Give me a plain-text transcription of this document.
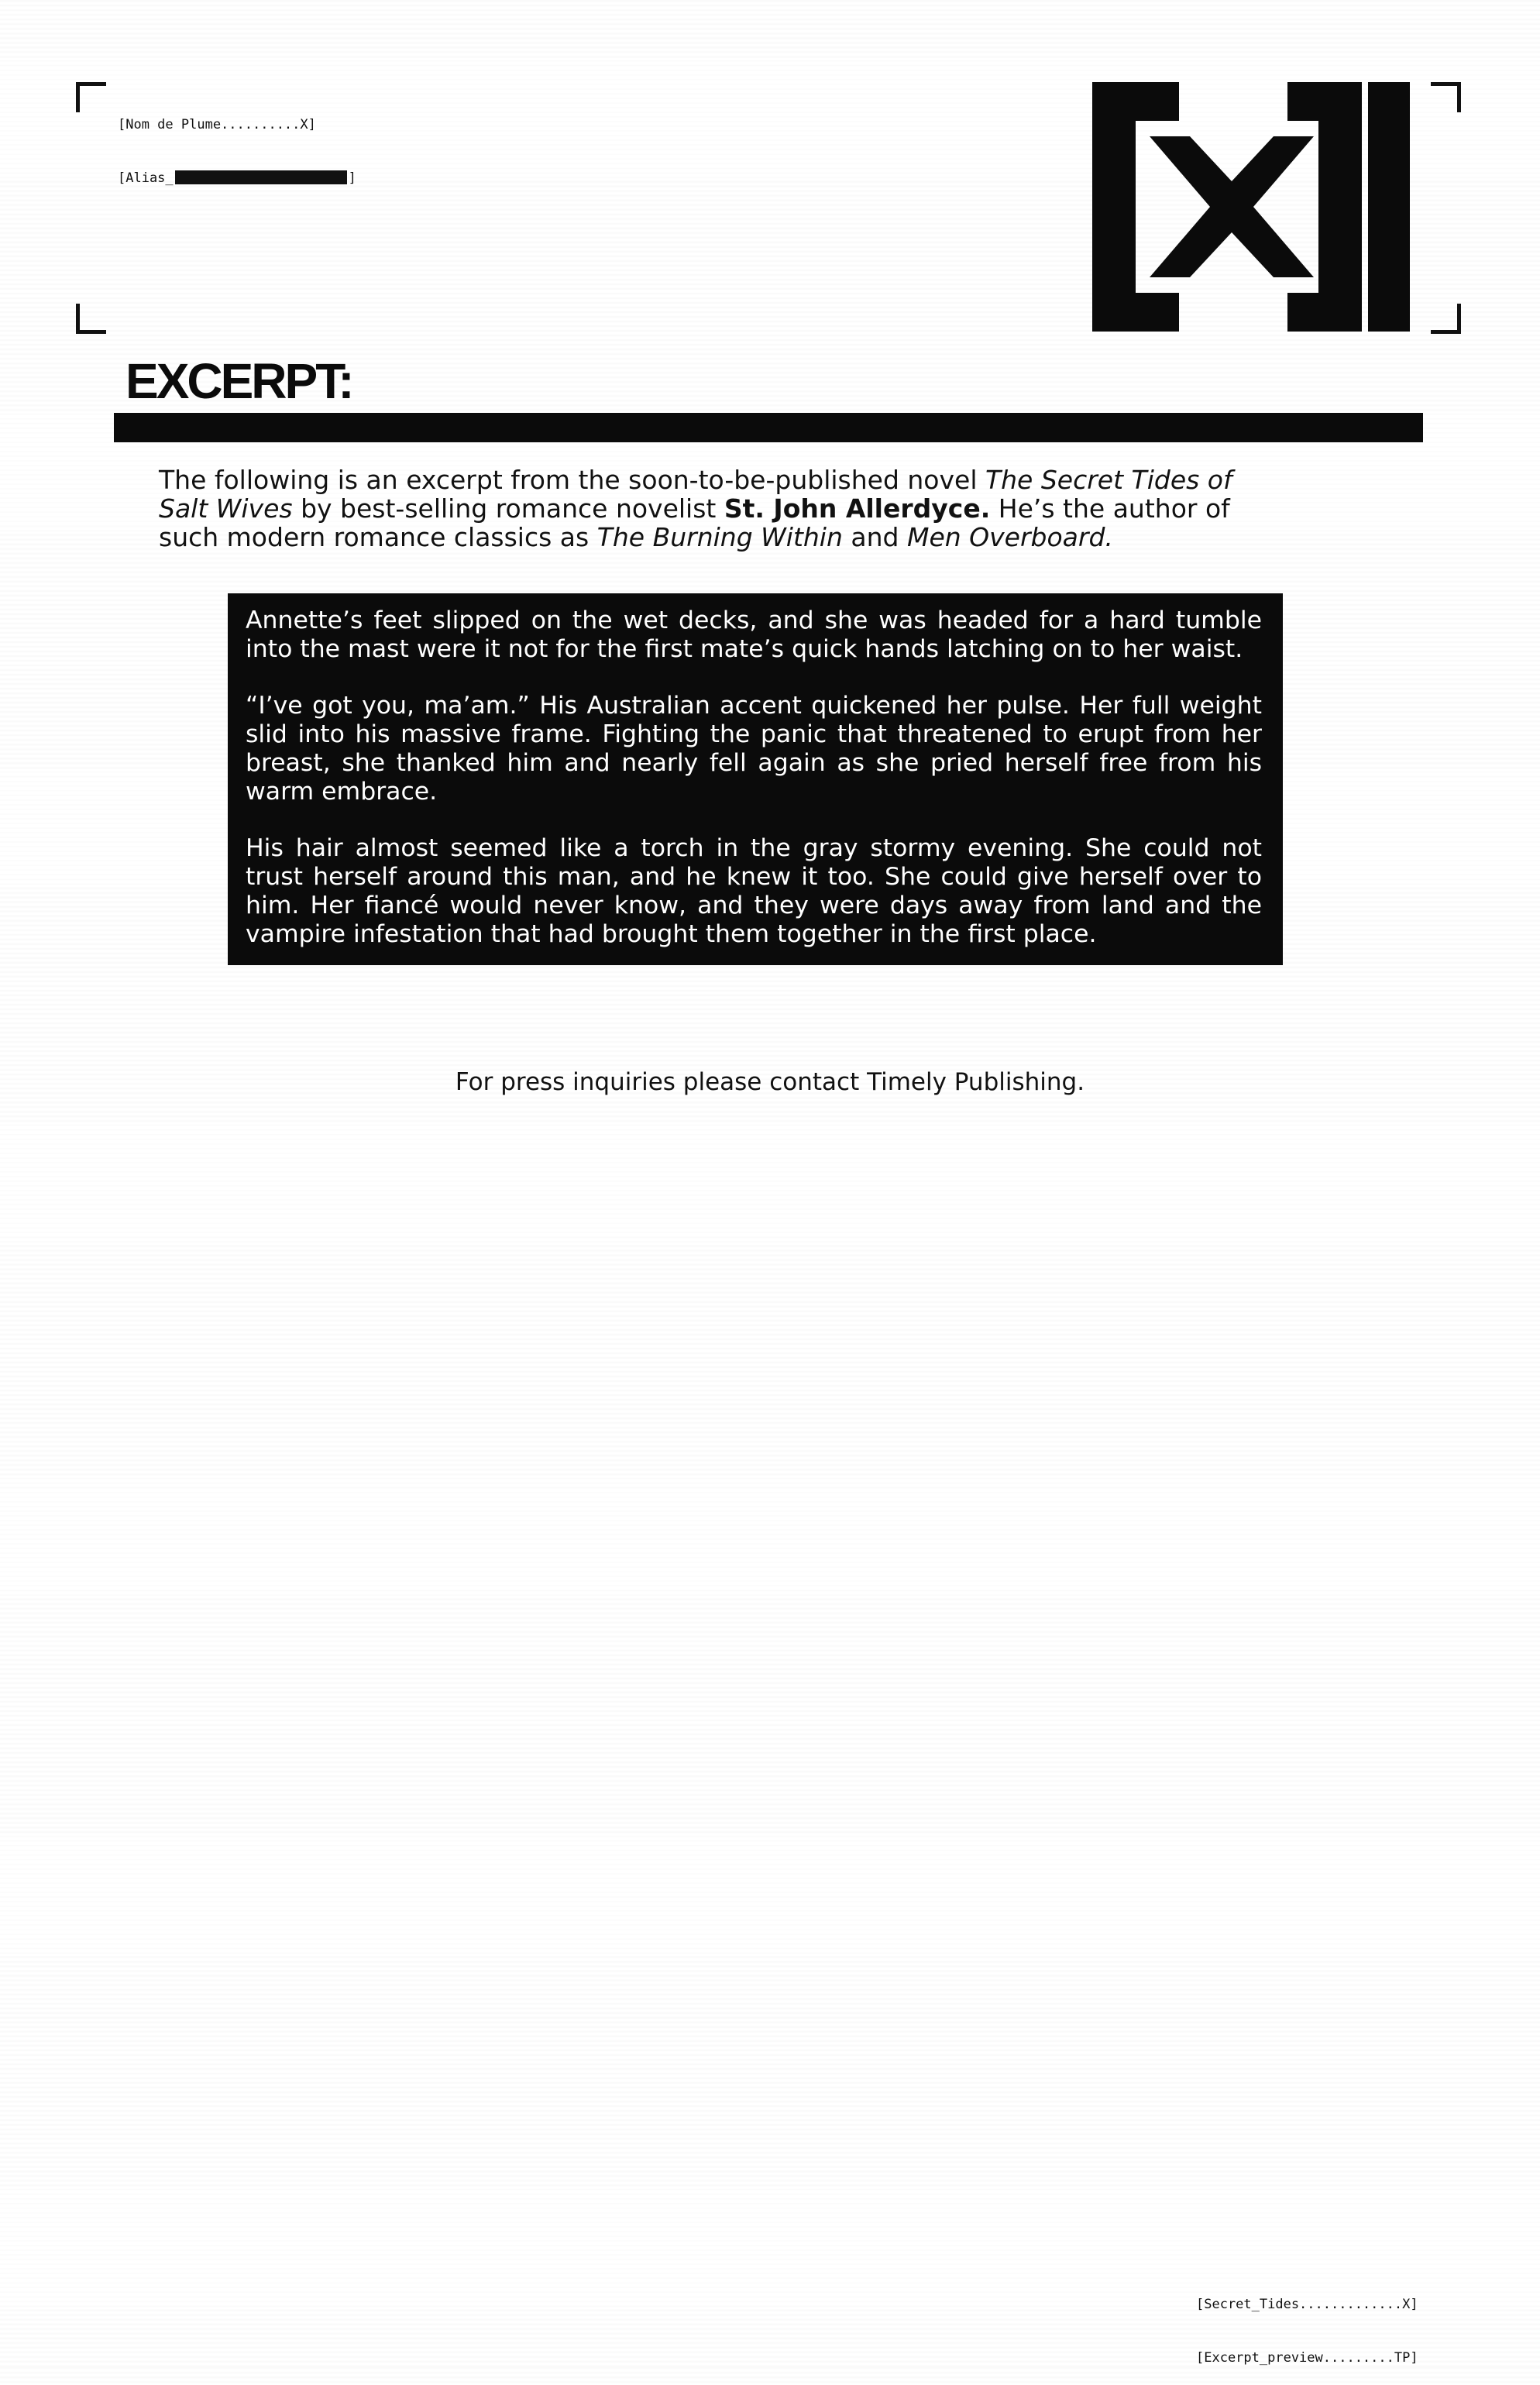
[Nom de Plume..........X]

[Alias_	]

EXCERPT:
The following is an excerpt from the soon-to-be-published novel The Secret Tides of Salt Wives by best-selling romance novelist St. John Allerdyce. He’s the author of such modern romance classics as The Burning Within and Men Overboard.

Annette’s feet slipped on the wet decks, and she was headed for a hard tumble into the mast were it not for the first mate’s quick hands latching on to her waist.

“I’ve got you, ma’am.” His Australian accent quickened her pulse. Her full weight slid into his massive frame. Fighting the panic that threatened to erupt from her breast, she thanked him and nearly fell again as she pried herself free from his warm embrace.

His hair almost seemed like a torch in the gray stormy evening. She could not trust herself around this man, and he knew it too. She could give herself over to him. Her fiancé would never know, and they were days away from land and the vampire infestation that had brought them together in the first place.

For press inquiries please contact Timely Publishing.

[Secret_Tides.............X]

[Excerpt_preview.........TP]
